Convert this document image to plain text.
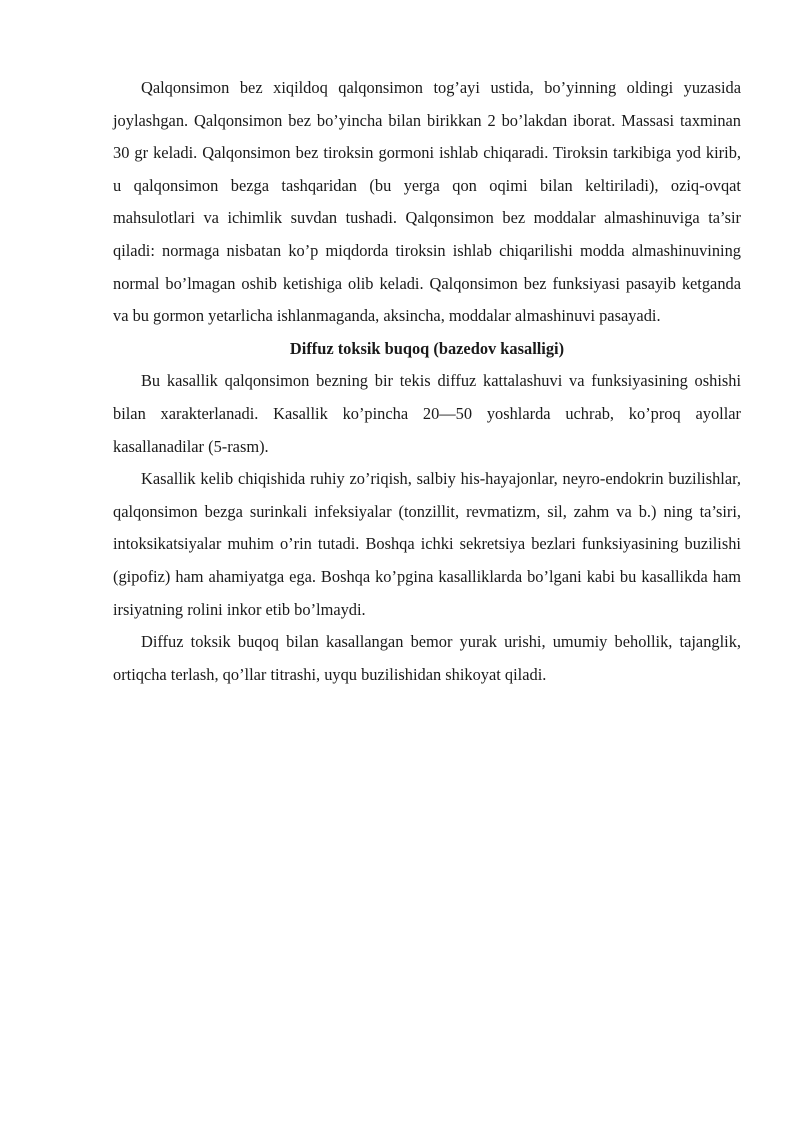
Qalqonsimon bez xiqildoq qalqonsimon tog’ayi ustida, bo’yinning oldingi yuzasida joylashgan. Qalqonsimon bez bo’yincha bilan birikkan 2 bo’lakdan iborat. Massasi taxminan 30 gr keladi. Qalqonsimon bez tiroksin gormoni ishlab chiqaradi. Tiroksin tarkibiga yod kirib, u qalqonsimon bezga tashqaridan (bu yerga qon oqimi bilan keltiriladi), oziq-ovqat mahsulotlari va ichimlik suvdan tushadi. Qalqonsimon bez moddalar almashinuviga ta’sir qiladi: normaga nisbatan ko’p miqdorda tiroksin ishlab chiqarilishi modda almashinuvining normal bo’lmagan oshib ketishiga olib keladi. Qalqonsimon bez funksiyasi pasayib ketganda va bu gormon yetarlicha ishlanmaganda, aksincha, moddalar almashinuvi pasayadi.

Diffuz toksik buqoq (bazedov kasalligi)

Bu kasallik qalqonsimon bezning bir tekis diffuz kattalashuvi va funksiyasining oshishi bilan xarakterlanadi. Kasallik ko’pincha 20—50 yoshlarda uchrab, ko’proq ayollar kasallanadilar (5-rasm).

Kasallik kelib chiqishida ruhiy zo’riqish, salbiy his-hayajonlar, neyro-endokrin buzilishlar, qalqonsimon bezga surinkali infeksiyalar (tonzillit, revmatizm, sil, zahm va b.) ning ta’siri, intoksikatsiyalar muhim o’rin tutadi. Boshqa ichki sekretsiya bezlari funksiyasining buzilishi (gipofiz) ham ahamiyatga ega. Boshqa ko’pgina kasalliklarda bo’lgani kabi bu kasallikda ham irsiyatning rolini inkor etib bo’lmaydi.

Diffuz toksik buqoq bilan kasallangan bemor yurak urishi, umumiy behollik, tajanglik, ortiqcha terlash, qo’llar titrashi, uyqu buzilishidan shikoyat qiladi.
